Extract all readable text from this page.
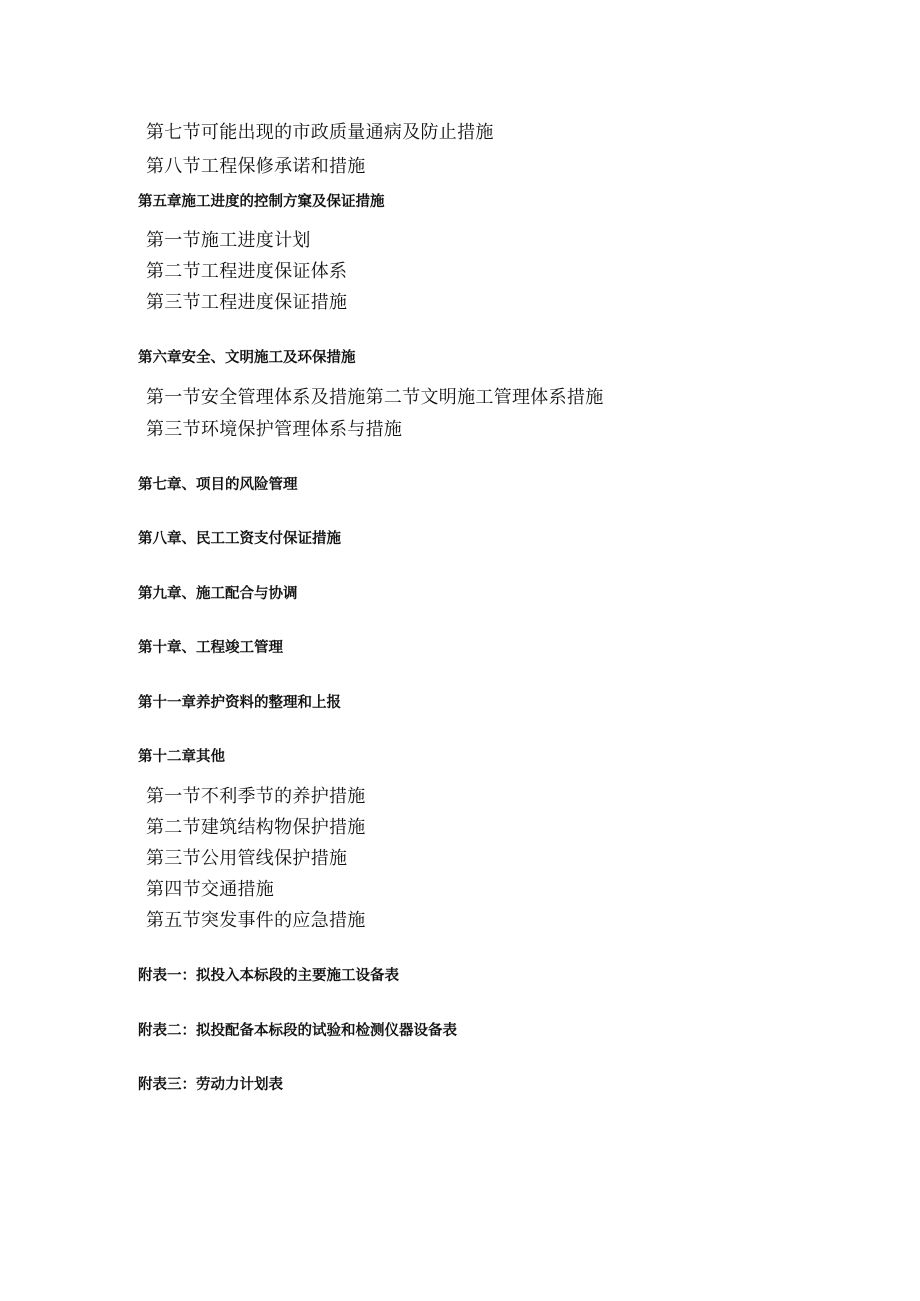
第七节可能出现的市政质量通病及防止措施
第八节工程保修承诺和措施
第五章施工进度的控制方窠及保证措施
第一节施工进度计划
第二节工程进度保证体系
第三节工程进度保证措施
第六章安全、文明施工及环保措施
第一节安全管理体系及措施第二节文明施工管理体系措施
第三节环境保护管理体系与措施
第七章、项目的风险管理
第八章、民工工资支付保证措施
第九章、施工配合与协调
第十章、工程竣工管理
第十一章养护资料的整理和上报
第十二章其他
第一节不利季节的养护措施
第二节建筑结构物保护措施
第三节公用管线保护措施
第四节交通措施
第五节突发事件的应急措施
附表一：拟投入本标段的主要施工设备表
附表二：拟投配备本标段的试验和检测仪器设备表
附表三：劳动力计划表
